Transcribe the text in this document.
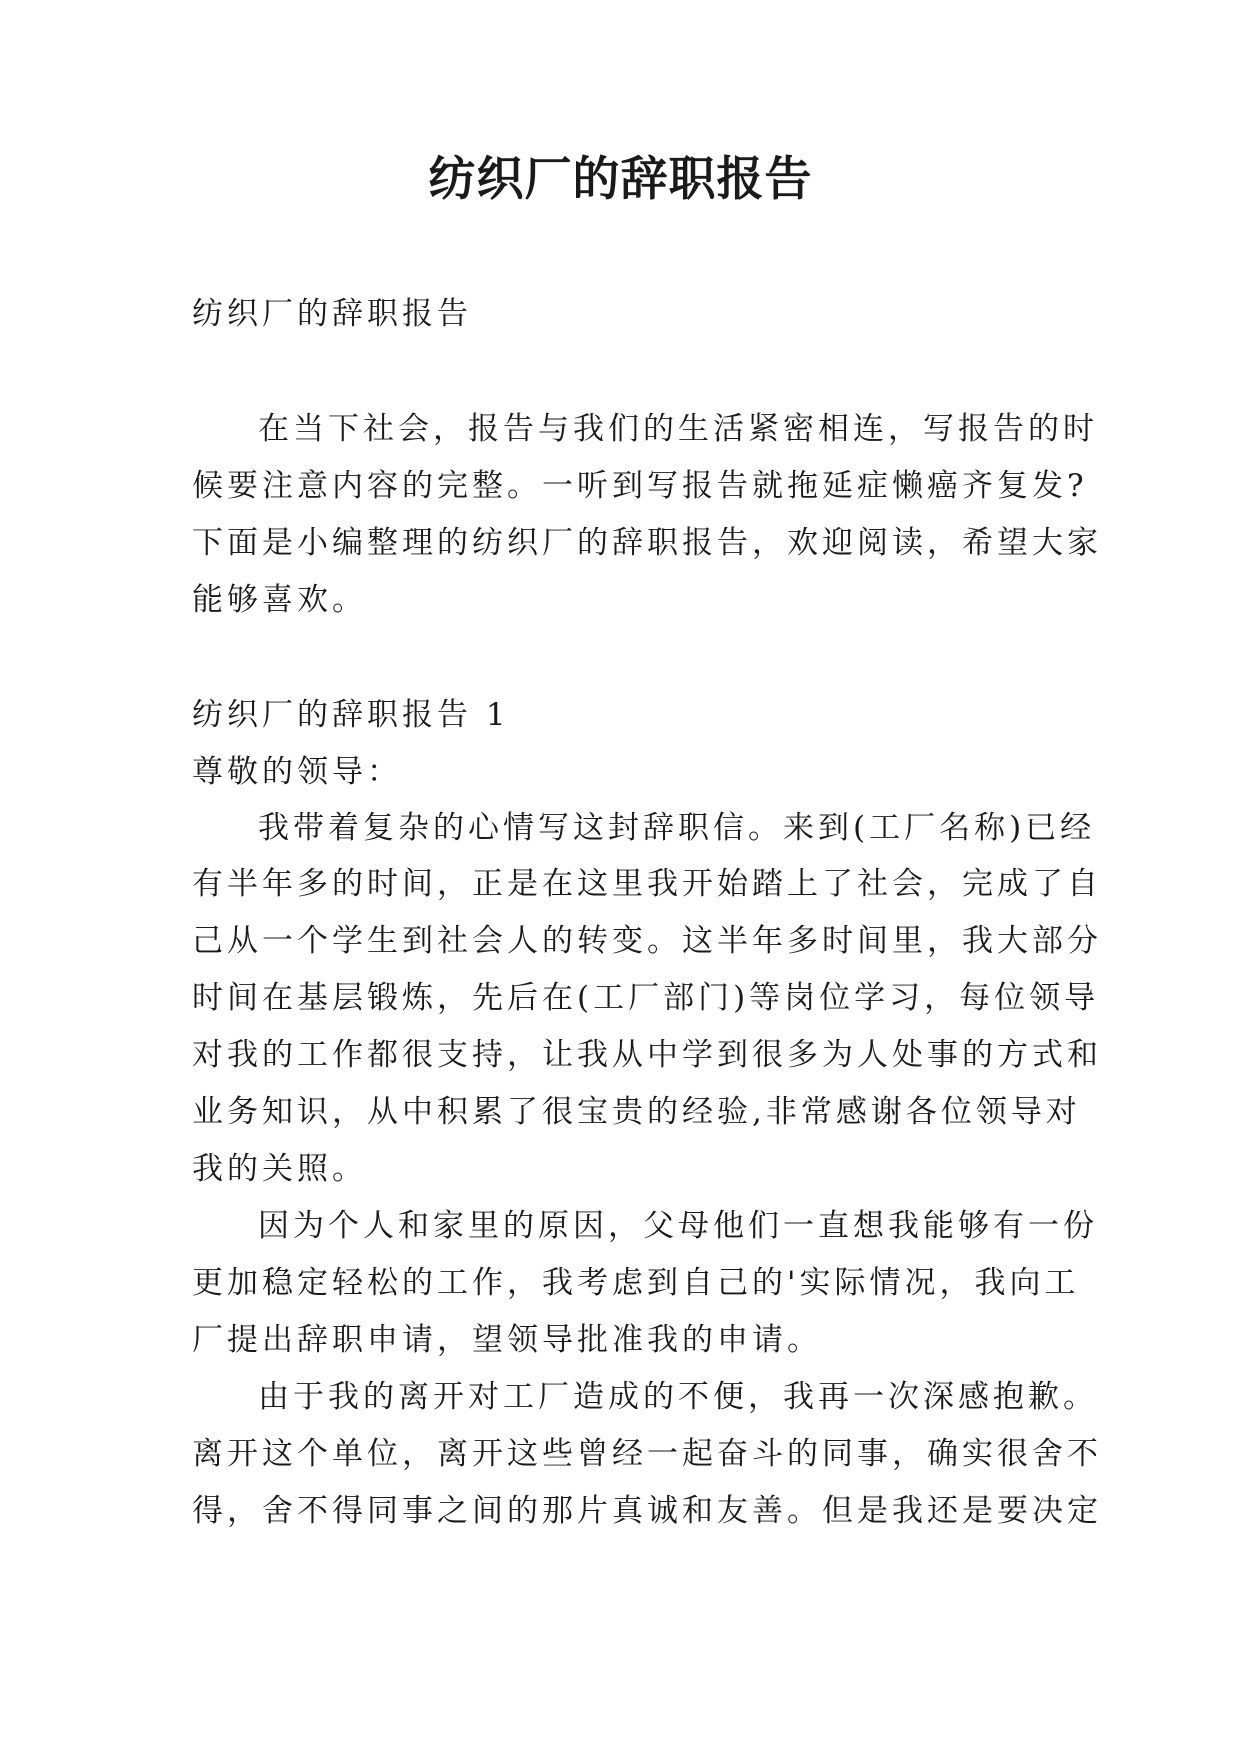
纺织厂的辞职报告
纺织厂的辞职报告
在当下社会，报告与我们的生活紧密相连，写报告的时
候要注意内容的完整。一听到写报告就拖延症懒癌齐复发?
下面是小编整理的纺织厂的辞职报告，欢迎阅读，希望大家
能够喜欢。
纺织厂的辞职报告 1
尊敬的领导：
我带着复杂的心情写这封辞职信。来到(工厂名称)已经
有半年多的时间，正是在这里我开始踏上了社会，完成了自
己从一个学生到社会人的转变。这半年多时间里，我大部分
时间在基层锻炼，先后在(工厂部门)等岗位学习，每位领导
对我的工作都很支持，让我从中学到很多为人处事的方式和
业务知识，从中积累了很宝贵的经验,非常感谢各位领导对
我的关照。
因为个人和家里的原因，父母他们一直想我能够有一份
更加稳定轻松的工作，我考虑到自己的'实际情况，我向工
厂提出辞职申请，望领导批准我的申请。
由于我的离开对工厂造成的不便，我再一次深感抱歉。
离开这个单位，离开这些曾经一起奋斗的同事，确实很舍不
得，舍不得同事之间的那片真诚和友善。但是我还是要决定
